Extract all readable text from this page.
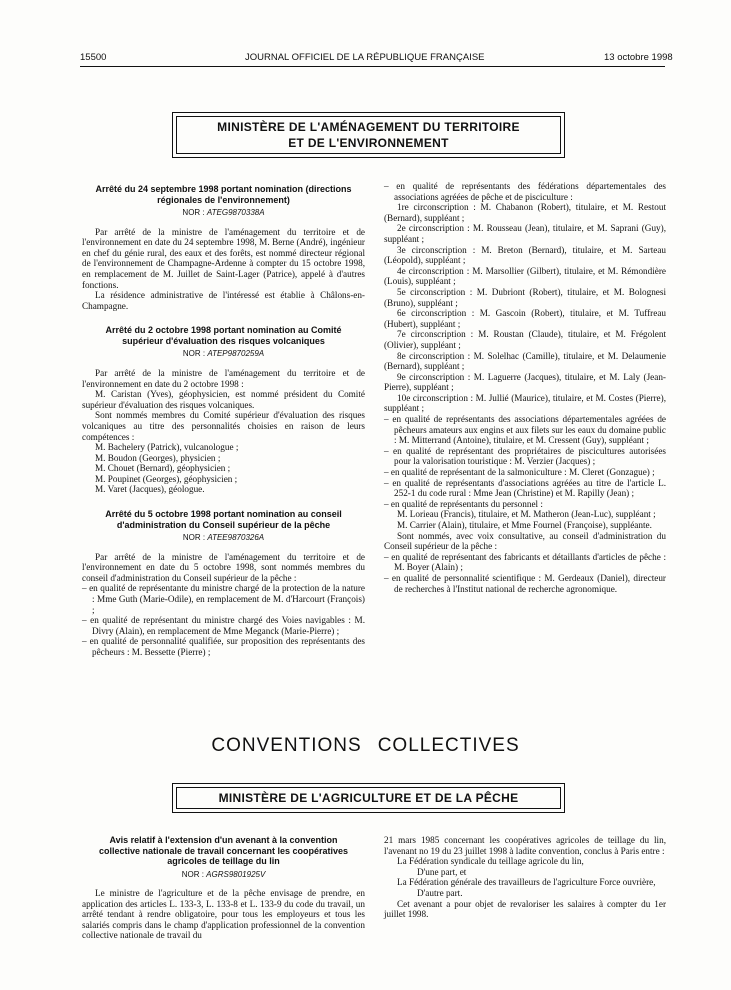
15500	JOURNAL OFFICIEL DE LA RÉPUBLIQUE FRANÇAISE	13 octobre 1998
MINISTÈRE DE L'AMÉNAGEMENT DU TERRITOIRE
ET DE L'ENVIRONNEMENT
Arrêté du 24 septembre 1998 portant nomination (directions régionales de l'environnement)
NOR : ATEG9870338A

Par arrêté de la ministre de l'aménagement du territoire et de l'environnement en date du 24 septembre 1998, M. Berne (André), ingénieur en chef du génie rural, des eaux et des forêts, est nommé directeur régional de l'environnement de Champagne-Ardenne à compter du 15 octobre 1998, en remplacement de M. Juillet de Saint-Lager (Patrice), appelé à d'autres fonctions.

La résidence administrative de l'intéressé est établie à Châlons-en-Champagne.

Arrêté du 2 octobre 1998 portant nomination au Comité supérieur d'évaluation des risques volcaniques
NOR : ATEP9870259A

Par arrêté de la ministre de l'aménagement du territoire et de l'environnement en date du 2 octobre 1998 :

M. Caristan (Yves), géophysicien, est nommé président du Comité supérieur d'évaluation des risques volcaniques.

Sont nommés membres du Comité supérieur d'évaluation des risques volcaniques au titre des personnalités choisies en raison de leurs compétences :

M. Bachelery (Patrick), vulcanologue ;

M. Boudon (Georges), physicien ;

M. Chouet (Bernard), géophysicien ;

M. Poupinet (Georges), géophysicien ;

M. Varet (Jacques), géologue.

Arrêté du 5 octobre 1998 portant nomination au conseil d'administration du Conseil supérieur de la pêche
NOR : ATEE9870326A

Par arrêté de la ministre de l'aménagement du territoire et de l'environnement en date du 5 octobre 1998, sont nommés membres du conseil d'administration du Conseil supérieur de la pêche :

– en qualité de représentante du ministre chargé de la protection de la nature : Mme Guth (Marie-Odile), en remplacement de M. d'Harcourt (François) ;

– en qualité de représentant du ministre chargé des Voies navigables : M. Divry (Alain), en remplacement de Mme Meganck (Marie-Pierre) ;

– en qualité de personnalité qualifiée, sur proposition des représentants des pêcheurs : M. Bessette (Pierre) ;

– en qualité de représentants des fédérations départementales des associations agréées de pêche et de pisciculture :

1re circonscription : M. Chabanon (Robert), titulaire, et M. Restout (Bernard), suppléant ;

2e circonscription : M. Rousseau (Jean), titulaire, et M. Saprani (Guy), suppléant ;

3e circonscription : M. Breton (Bernard), titulaire, et M. Sarteau (Léopold), suppléant ;

4e circonscription : M. Marsollier (Gilbert), titulaire, et M. Rémondière (Louis), suppléant ;

5e circonscription : M. Dubriont (Robert), titulaire, et M. Bolognesi (Bruno), suppléant ;

6e circonscription : M. Gascoin (Robert), titulaire, et M. Tuffreau (Hubert), suppléant ;

7e circonscription : M. Roustan (Claude), titulaire, et M. Frégolent (Olivier), suppléant ;

8e circonscription : M. Solelhac (Camille), titulaire, et M. Delaumenie (Bernard), suppléant ;

9e circonscription : M. Laguerre (Jacques), titulaire, et M. Laly (Jean-Pierre), suppléant ;

10e circonscription : M. Jullié (Maurice), titulaire, et M. Costes (Pierre), suppléant ;

– en qualité de représentants des associations départementales agréées de pêcheurs amateurs aux engins et aux filets sur les eaux du domaine public : M. Mitterrand (Antoine), titulaire, et M. Cressent (Guy), suppléant ;

– en qualité de représentant des propriétaires de piscicultures autorisées pour la valorisation touristique : M. Verzier (Jacques) ;

– en qualité de représentant de la salmoniculture : M. Cleret (Gonzague) ;

– en qualité de représentants d'associations agréées au titre de l'article L. 252-1 du code rural : Mme Jean (Christine) et M. Rapilly (Jean) ;

– en qualité de représentants du personnel :

M. Lorieau (Francis), titulaire, et M. Matheron (Jean-Luc), suppléant ;

M. Carrier (Alain), titulaire, et Mme Fournel (Françoise), suppléante.

Sont nommés, avec voix consultative, au conseil d'administration du Conseil supérieur de la pêche :

– en qualité de représentant des fabricants et détaillants d'articles de pêche : M. Boyer (Alain) ;

– en qualité de personnalité scientifique : M. Gerdeaux (Daniel), directeur de recherches à l'Institut national de recherche agronomique.

CONVENTIONS COLLECTIVES
MINISTÈRE DE L'AGRICULTURE ET DE LA PÊCHE
Avis relatif à l'extension d'un avenant à la convention collective nationale de travail concernant les coopératives agricoles de teillage du lin
NOR : AGRS9801925V

Le ministre de l'agriculture et de la pêche envisage de prendre, en application des articles L. 133-3, L. 133-8 et L. 133-9 du code du travail, un arrêté tendant à rendre obligatoire, pour tous les employeurs et tous les salariés compris dans le champ d'application professionnel de la convention collective nationale de travail du

21 mars 1985 concernant les coopératives agricoles de teillage du lin, l'avenant no 19 du 23 juillet 1998 à ladite convention, conclus à Paris entre :

La Fédération syndicale du teillage agricole du lin,

D'une part, et

La Fédération générale des travailleurs de l'agriculture Force ouvrière,

D'autre part.

Cet avenant a pour objet de revaloriser les salaires à compter du 1er juillet 1998.
